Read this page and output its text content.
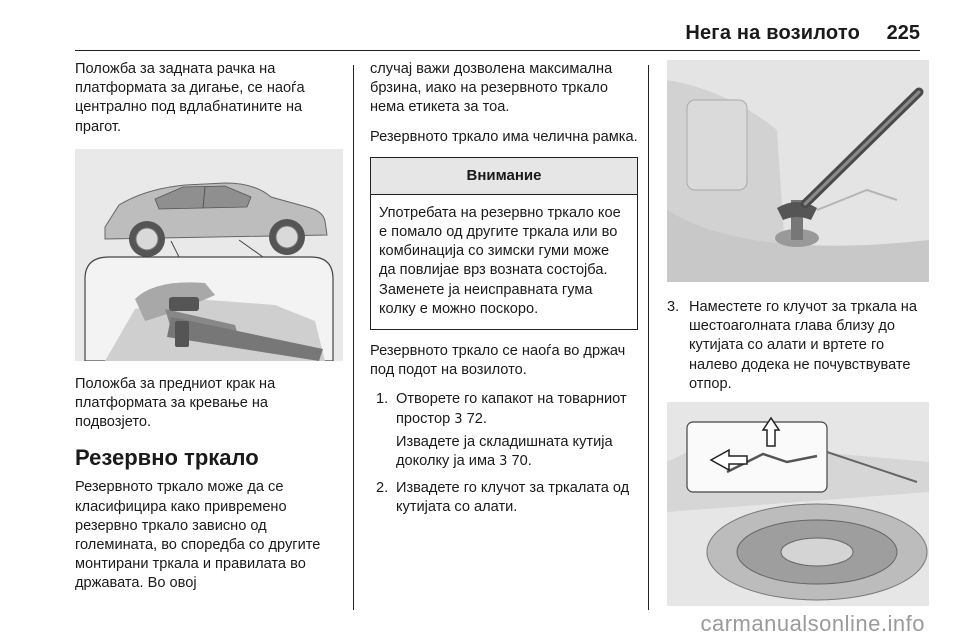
Нега на возилото 225

Положба за задната рачка на платформата за дигање, се наоѓа централно под вдлабнатините на прагот.

Положба за предниот крак на платформата за кревање на подвозјето.

Резервно тркало

Резервното тркало може да се класифицира како привремено резервно тркало зависно од големината, во споредба со другите монтирани тркала и правилата во државата. Во овој

случај важи дозволена максимална брзина, иако на резервното тркало нема етикета за тоа.

Резервното тркало има челична рамка.

Внимание
Употребата на резервно тркало кое е помало од другите тркала или во комбинација со зимски гуми може да повлијае врз возната состојба. Заменете ја неисправната гума колку е можно поскоро.

Резервното тркало се наоѓа во држач под подот на возилото.

1. Отворете го капакот на товарниот простор 3 72.
Извадете ја складишната кутија доколку ја има 3 70.
2. Извадете го клучот за тркалата од кутијата со алати.
3. Наместете го клучот за тркала на шестоаголната глава близу до кутијата со алати и вртете го налево додека не почувствувате отпор.
carmanualsonline.info
